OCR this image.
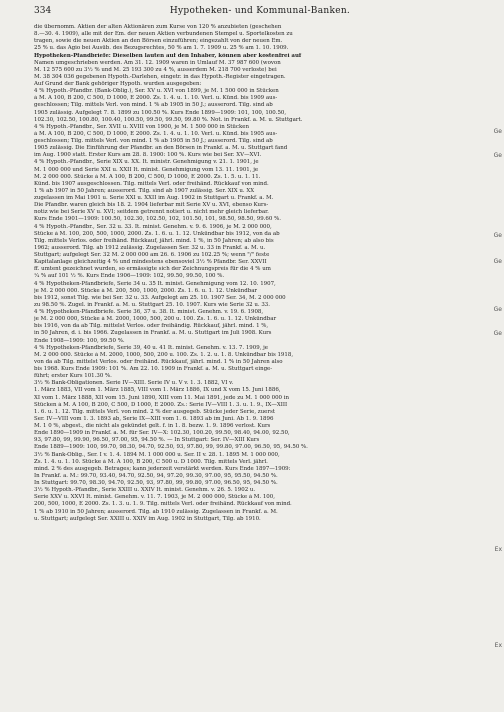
334	Hypotheken- und Kommunal-Banken.
die übernomm. Aktien der alten Aktionären zum Kurse von 120 % anzubieten (geschehen
8.—30. 4. 1909), alle mit der Em. der neuen Aktien verbundenen Stempel u. Sportelkosten zu
tragen, sowie die neuen Aktien an den Börsen einzuführen; eingezahlt von der neuen Em.
25 % u. das Agio bei Ausüb. des Bezugsrechtes, 50 % am 1. 7. 1909 u. 25 % am 1. 10. 1909.
Hypotheken-Pfandbriefe: Dieselben lauten auf den Inhaber, können aber kostenfrei auf
Namen umgeschrieben werden. Am 31. 12. 1909 waren in Umlauf M. 37 987 600 (wovon
M. 12 575 600 zu 3½ % und M. 25 193 300 zu 4 %, ausserdem M. 218 700 verloste) bei
M. 38 304 036 gegebenen Hypoth.-Darlehen, eingetr. in das Hypoth.-Register eingetragen.
Auf Grund der Bank gehöriger Hypoth. wurden ausgegeben:
4 % Hypoth.-Pfandbr. (Bank-Oblig.), Ser. XV u. XVI von 1899, je M. 1 500 000 in Stücken
à M. A 100, B 200, C 500, D 1000, E 2000. Zs. 1. 4. u. 1. 10. Verl. u. Künd. bis 1909 aus-
geschlossen; Tilg. mittels Verl. von mind. 1 % ab 1905 in 50 J.; ausserord. Tilg. sind ab
1905 zulässig. Aufgelegt 7. 8. 1899 zu 100.50 %. Kurs Ende 1899—1909: 101, 100, 100.50,
102.30, 102.50, 100.80, 100.40, 100.50, 99.50, 99.50, 99.80 %. Not. in Frankf. a. M. u. Stuttgart.
4 % Hypoth.-Pfandbr., Ser. XVII u. XVIII von 1900, je M. 1 500 000 in Stücken
à M. A 100, B 200, C 500, D 1000, E 2000. Zs. 1. 4. u. 1. 10. Verl. u. Künd. bis 1905 aus-
geschlossen; Tilg. mittels Verl. von mind. 1 % ab 1905 in 50 J.; ausserord. Tilg. sind ab
1905 zulässig. Die Einführung der Pfandbr. an den Börsen in Frankf. a. M. u. Stuttgart fand
im Aug. 1900 statt. Erster Kurs am 28. 8. 1900: 100 %. Kurs wie bei Ser. XV—XVI.
4 % Hypoth.-Pfandbr., Serie XIX u. XX. It. ministr. Genehmigung v. 21. 1. 1901, je
M. 1 000 000 und Serie XXI u. XXII It. minist. Genehmigung vom 13. 11. 1901, je
M. 2 000 000. Stücke à M. A 100, B 200, C 500, D 1000, E 2000. Zs. 1. 5. u. 1. 11.
Künd. bis 1907 ausgeschlossen. Tilg. mittels Verl. oder freihänd. Rückkauf von mind.
1 % ab 1907 in 50 Jahren; ausserord. Tilg. sind ab 1907 zulässig. Ser. XIX u. XX
zugelassen im Mai 1901 u. Serie XXI u. XXII im Aug. 1902 in Stuttgart u. Frankf. a. M.
Die Pfandbr. waren gleich bis 18. 2. 1904 lieferbar mit Serie XV u. XVI, ebenso Kurs-
notiz wie bei Serie XV u. XVI; seitdem getrennt notiert u. nicht mehr gleich lieferbar.
Kurs Ende 1901—1909: 100.50, 102.30, 102.50, 102, 101.50, 101, 98.50, 98.50, 99.60 %.
4 % Hypoth.-Pfandbr., Ser. 32 u. 33. It. minist. Genehm. v. 9. 6. 1906, je M. 2 000 000,
Stücke à M. 100, 200, 500, 1000, 2000. Zs. 1. 6. u. 1. 12. Unkündbar bis 1912, von da ab
Tilg. mittels Verlos. oder freihänd. Rückkauf, jährl. mind. 1 %, in 50 Jahren; ab also bis
1962; ausserord. Tilg. ab 1912 zulässig. Zugelassen Ser. 32 u. 33 in Frankf. a. M. u.
Stuttgart; aufgelegt Ser. 32 M. 2 000 000 am 26. 6. 1906 zu 102.25 %; wenn "/" feste
Kapitalanlage gleichzeitig 4 % und mindestens ebensoviel 3½ % Pfandbr. Ser. XXVII
ff. umtent gezeichnet wurden, so ermässigte sich der Zeichnungspreis für die 4 % um
¼ % auf 101 ½ %. Kurs Ende 1906—1909: 102, 99.50, 99.50, 100 %.
4 % Hypotheken-Pfandbriefe, Serie 34 u. 35 It. minist. Genehmigung vom 12. 10. 1907,
je M. 2 000 000. Stücke à M. 200, 500, 1000, 2000. Zs. 1. 6. u. 1. 12. Unkündbar
bis 1912, sonst Tilg. wie bei Ser. 32 u. 33. Aufgelegt am 25. 10. 1907 Ser. 34, M. 2 000 000
zu 98.50 %. Zugel. in Frankf. a. M. u. Stuttgart 25. 10. 1907. Kurs wie Serie 32 u. 33.
4 % Hypotheken-Pfandbriefe. Serie 36, 37 u. 38. It. minist. Genehm. v. 19. 6. 1908,
je M. 2 000 000, Stücke à M. 2000, 1000, 500, 200 u. 100. Zs. 1. 6. u. 1. 12. Unkündbar
bis 1916, von da ab Tilg. mittelst Verlos. oder freihändig. Rückkauf, jährl. mind. 1 %,
in 50 Jahren, d. i. bis 1966. Zugelassen in Frankf. a. M. u. Stuttgart im Juli 1908. Kurs
Ende 1908—1909: 100, 99.50 %.
4 % Hypotheken-Pfandbriefe, Serie 39, 40 u. 41 It. minist. Genehm. v. 13. 7. 1909, je
M. 2 000 000. Stücke à M. 2000, 1000, 500, 200 u. 100. Zs. 1. 2. u. 1. 8. Unkündbar bis 1918,
von da ab Tilg. mittelst Verlos. oder freihänd. Rückkauf, jährl. mind. 1 % in 50 Jahren also
bis 1968. Kurs Ende 1909: 101 %. Am 22. 10. 1909 in Frankf. a. M. u. Stuttgart einge-
führt; erster Kurs 101.30 %.
3½ % Bank-Obligationen. Serie IV—XIII. Serie IV u. V v. 1. 3. 1882, VI v.
1. März 1883, VII vom 1. März 1885, VIII vom 1. März 1886, IX und X vom 15. Juni 1886,
XI vom 1. März 1888, XII vom 15. Juni 1890, XIII vom 11. Mai 1891, jede zu M. 1 000 000 in
Stücken à M. A 100, B 200, C 500, D 1000, E 2000. Zs.: Serie IV—VIII 1. 3. u. 1. 9., IX—XIII
1. 6. u. 1. 12. Tilg. mittels Verl. von mind. 2 % der ausgegeb. Stücke jeder Serie, zuerst
Ser. IV—VIII vom 1. 3. 1893 ab, Serie IX—XIII vom 1. 6. 1893 ab im Juni. Ab 1. 9. 1896
M. 1 0 %, abgest., die nicht als gekündet gelt. f. in 1. 8. bezw. 1. 9. 1896 verlost. Kurs
Ende 1890—1909 in Frankf. a. M. für Ser. IV—X: 102.30, 100.20, 99.50, 98.40, 94.00, 92.50,
93, 97.80, 99, 99.90, 96.50, 97.00, 95, 94.50 %. — In Stuttgart: Ser. IV—XIII Kurs
Ende 1889—1909: 100, 99.70, 98.30, 94.70, 92.50, 93, 97.80, 99, 99.80, 97.00, 96.50, 95, 94.50 %.
3½ % Bank-Oblig., Ser. I v. 1. 4. 1894 M. 1 000 000 u. Ser. II v. 28. 1. 1895 M. 1 000 000,
Zs. 1. 4. u. 1. 10. Stücke à M. A 100, B 200, C 500 u. D 1000. Tilg. mittels Verl. jährl.
mind. 2 % des ausgegeb. Betrages; kann jederzeit verstärkt werden. Kurs Ende 1897—1909:
In Frankf. a. M.: 99.70, 93.40, 94.70, 92.50, 94, 97.20, 99.30, 97.00, 95, 95.50, 94.50 %.
In Stuttgart: 99.70, 98.30, 94.70, 92.50, 93, 97.80, 99, 99.80, 97.00, 96.50, 95, 94.50 %.
3½ % Hypoth.-Pfandbr., Serie XXIII u. XXIV It. minist. Genehm. v. 26. 5. 1902 u.
Serie XXV u. XXVI It. minist. Genehm. v. 11. 7. 1903, je M. 2 000 000, Stücke à M. 100,
200, 500, 1000, E 2000. Zs. 1. 3. u. 1. 9. Tilg. mittels Verl. oder freihänd. Rückkauf von mind.
1 % ab 1910 in 50 Jahren; ausserord. Tilg. ab 1910 zulässig. Zugelassen in Frankf. a. M.
u. Stuttgart; aufgelegt Ser. XXIII u. XXIV im Aug. 1902 in Stuttgart, Tilg. ab 1910.
Ge
Ge
Ge
Ge
Ge
Ge
Ex
Ex
